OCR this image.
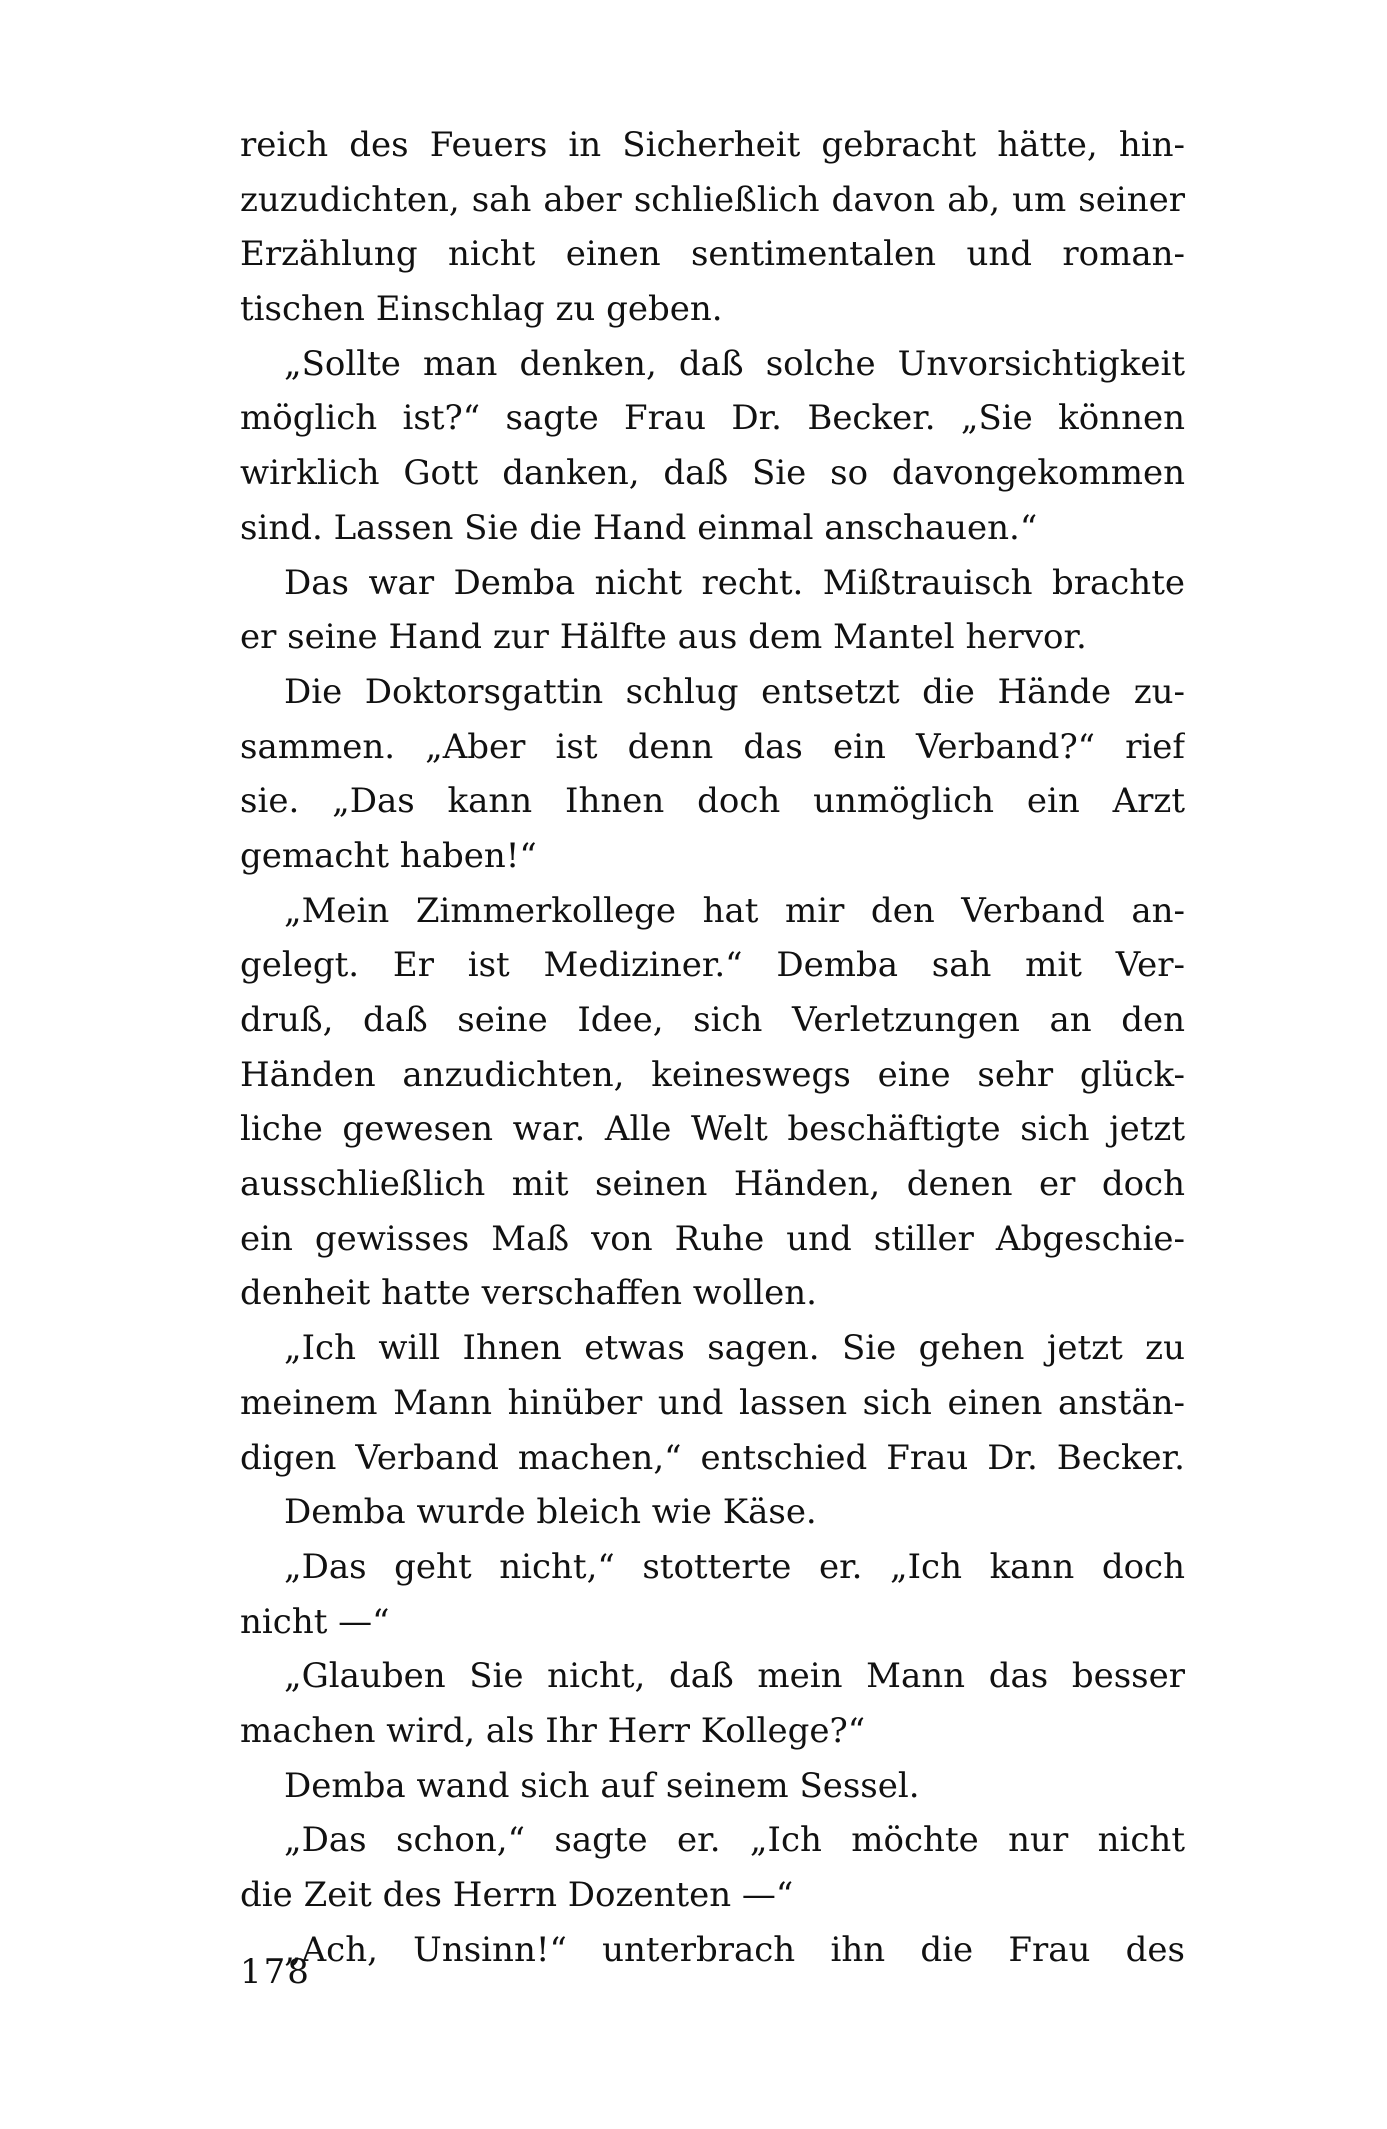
reich des Feuers in Sicherheit gebracht hätte, hin-
zuzudichten, sah aber schließlich davon ab, um seiner
Erzählung nicht einen sentimentalen und roman-
tischen Einschlag zu geben.
„Sollte man denken, daß solche Unvorsichtigkeit
möglich ist?“ sagte Frau Dr. Becker. „Sie können
wirklich Gott danken, daß Sie so davongekommen
sind. Lassen Sie die Hand einmal anschauen.“
Das war Demba nicht recht. Mißtrauisch brachte
er seine Hand zur Hälfte aus dem Mantel hervor.
Die Doktorsgattin schlug entsetzt die Hände zu-
sammen. „Aber ist denn das ein Verband?“ rief
sie. „Das kann Ihnen doch unmöglich ein Arzt
gemacht haben!“
„Mein Zimmerkollege hat mir den Verband an-
gelegt. Er ist Mediziner.“ Demba sah mit Ver-
druß, daß seine Idee, sich Verletzungen an den
Händen anzudichten, keineswegs eine sehr glück-
liche gewesen war. Alle Welt beschäftigte sich jetzt
ausschließlich mit seinen Händen, denen er doch
ein gewisses Maß von Ruhe und stiller Abgeschie-
denheit hatte verschaffen wollen.
„Ich will Ihnen etwas sagen. Sie gehen jetzt zu
meinem Mann hinüber und lassen sich einen anstän-
digen Verband machen,“ entschied Frau Dr. Becker.
Demba wurde bleich wie Käse.
„Das geht nicht,“ stotterte er. „Ich kann doch
nicht —“
„Glauben Sie nicht, daß mein Mann das besser
machen wird, als Ihr Herr Kollege?“
Demba wand sich auf seinem Sessel.
„Das schon,“ sagte er. „Ich möchte nur nicht
die Zeit des Herrn Dozenten —“
„Ach, Unsinn!“ unterbrach ihn die Frau des
178
